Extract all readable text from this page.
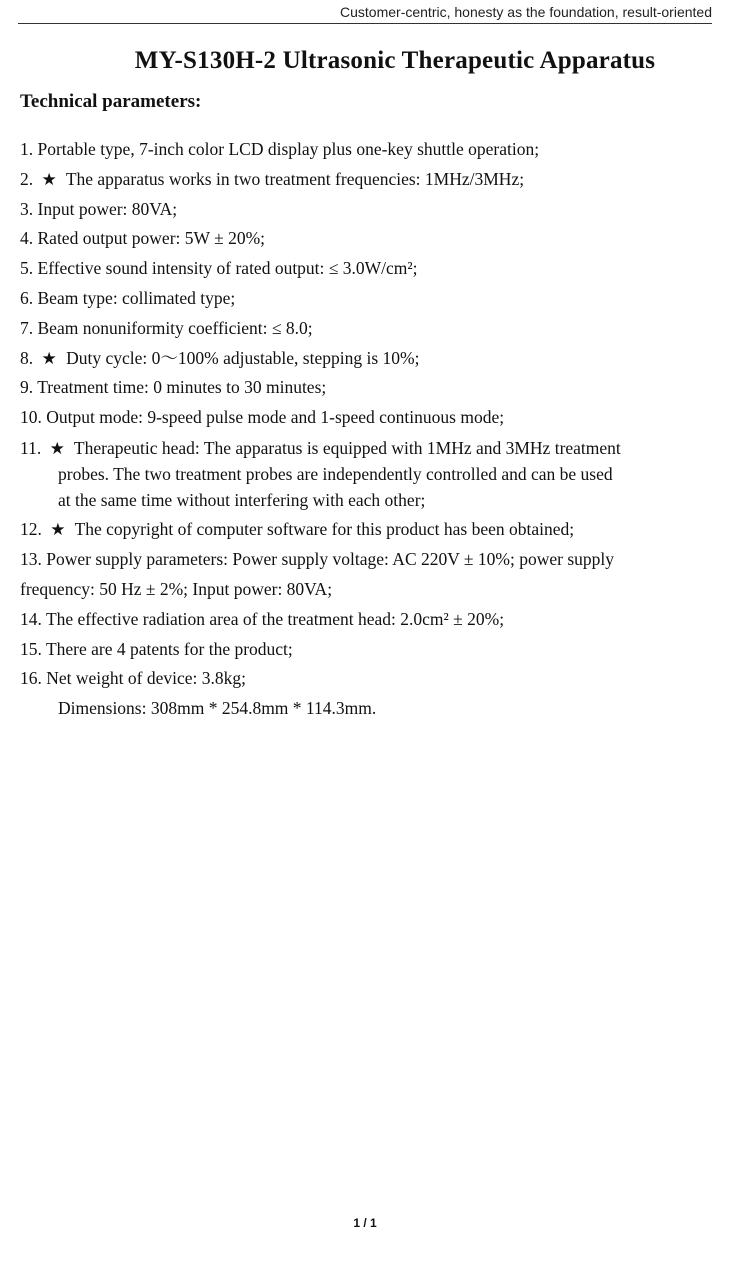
Customer-centric, honesty as the foundation, result-oriented
MY-S130H-2 Ultrasonic Therapeutic Apparatus
Technical parameters:
1. Portable type, 7-inch color LCD display plus one-key shuttle operation;
2. ★ The apparatus works in two treatment frequencies: 1MHz/3MHz;
3. Input power: 80VA;
4. Rated output power: 5W ± 20%;
5. Effective sound intensity of rated output: ≤ 3.0W/cm²;
6. Beam type: collimated type;
7. Beam nonuniformity coefficient: ≤ 8.0;
8. ★ Duty cycle: 0～100% adjustable, stepping is 10%;
9. Treatment time: 0 minutes to 30 minutes;
10. Output mode: 9-speed pulse mode and 1-speed continuous mode;
11. ★ Therapeutic head: The apparatus is equipped with 1MHz and 3MHz treatment
probes. The two treatment probes are independently controlled and can be used
at the same time without interfering with each other;
12. ★ The copyright of computer software for this product has been obtained;
13. Power supply parameters: Power supply voltage: AC 220V ± 10%; power supply
frequency: 50 Hz ± 2%; Input power: 80VA;
14. The effective radiation area of the treatment head: 2.0cm² ± 20%;
15. There are 4 patents for the product;
16. Net weight of device: 3.8kg;
Dimensions: 308mm * 254.8mm * 114.3mm.
1 / 1
